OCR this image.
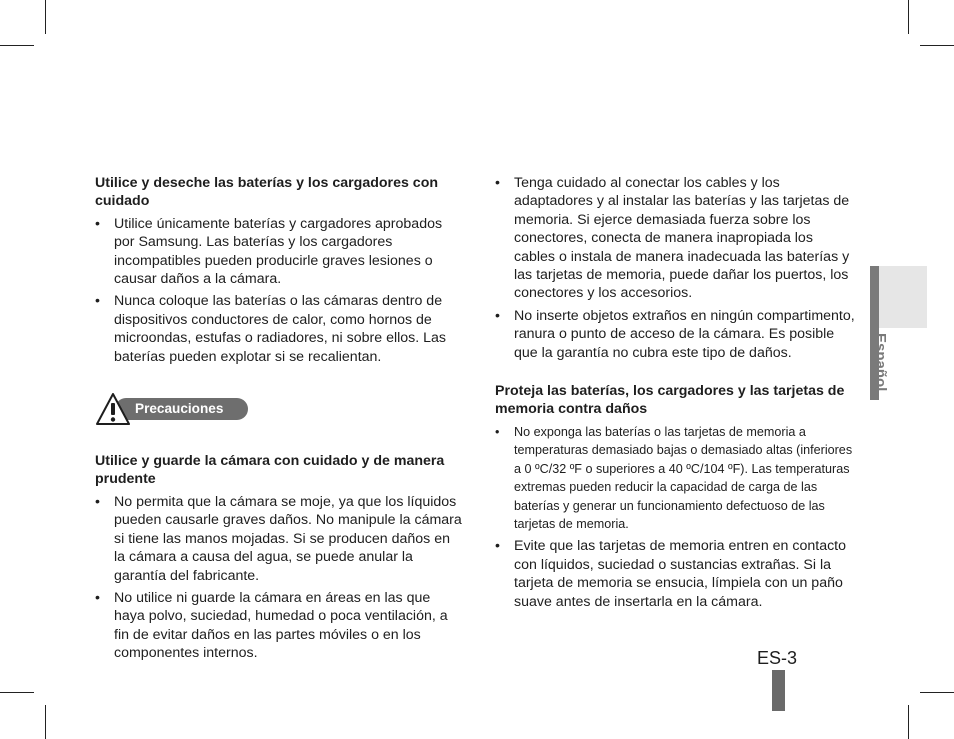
Utilice y deseche las baterías y los cargadores con cuidado

• Utilice únicamente baterías y cargadores aprobados por Samsung. Las baterías y los cargadores incompatibles pueden producirle graves lesiones o causar daños a la cámara.
• Nunca coloque las baterías o las cámaras dentro de dispositivos conductores de calor, como hornos de microondas, estufas o radiadores, ni sobre ellos. Las baterías pueden explotar si se recalientan.
Precauciones

Utilice y guarde la cámara con cuidado y de manera prudente

• No permita que la cámara se moje, ya que los líquidos pueden causarle graves daños. No manipule la cámara si tiene las manos mojadas. Si se producen daños en la cámara a causa del agua, se puede anular la garantía del fabricante.
• No utilice ni guarde la cámara en áreas en las que haya polvo, suciedad, humedad o poca ventilación, a fin de evitar daños en las partes móviles o en los componentes internos.
• Tenga cuidado al conectar los cables y los adaptadores y al instalar las baterías y las tarjetas de memoria. Si ejerce demasiada fuerza sobre los conectores, conecta de manera inapropiada los cables o instala de manera inadecuada las baterías y las tarjetas de memoria, puede dañar los puertos, los conectores y los accesorios.
• No inserte objetos extraños en ningún compartimento, ranura o punto de acceso de la cámara. Es posible que la garantía no cubra este tipo de daños.

Proteja las baterías, los cargadores y las tarjetas de memoria contra daños

• No exponga las baterías o las tarjetas de memoria a temperaturas demasiado bajas o demasiado altas (inferiores a 0 ºC/32 ºF o superiores a 40 ºC/104 ºF). Las temperaturas extremas pueden reducir la capacidad de carga de las baterías y generar un funcionamiento defectuoso de las tarjetas de memoria.
• Evite que las tarjetas de memoria entren en contacto con líquidos, suciedad o sustancias extrañas. Si la tarjeta de memoria se ensucia, límpiela con un paño suave antes de insertarla en la cámara.
Español
ES-3
